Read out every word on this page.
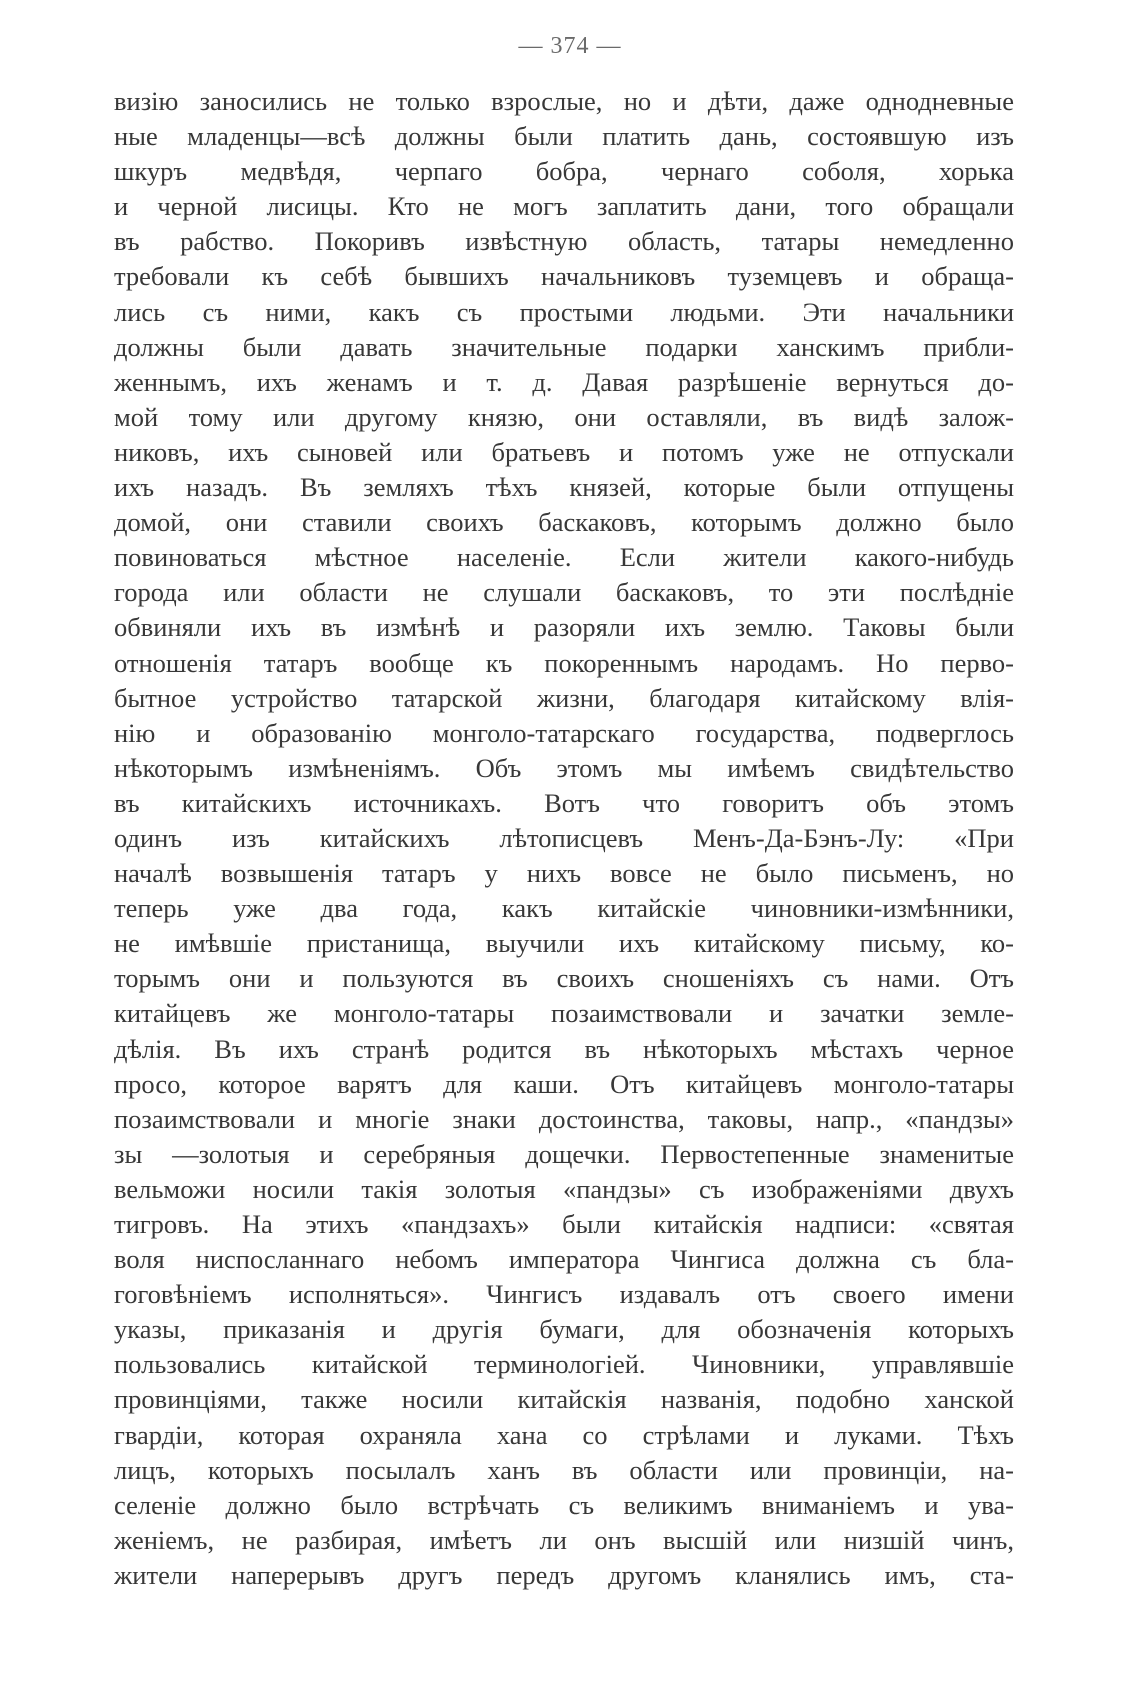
— 374 —
визію заносились не только взрослые, но и дѣти, даже однодневные
ные младенцы—всѣ должны были платить дань, состоявшую изъ
шкуръ медвѣдя, черпаго бобра, чернаго соболя, хорька
и черной лисицы. Кто не могъ заплатить дани, того обращали
въ рабство. Покоривъ извѣстную область, татары немедленно
требовали къ себѣ бывшихъ начальниковъ туземцевъ и обраща-
лись съ ними, какъ съ простыми людьми. Эти начальники
должны были давать значительные подарки ханскимъ прибли-
женнымъ, ихъ женамъ и т. д. Давая разрѣшеніе вернуться до-
мой тому или другому князю, они оставляли, въ видѣ залож-
никовъ, ихъ сыновей или братьевъ и потомъ уже не отпускали
ихъ назадъ. Въ земляхъ тѣхъ князей, которые были отпущены
домой, они ставили своихъ баскаковъ, которымъ должно было
повиноваться мѣстное населеніе. Если жители какого-нибудь
города или области не слушали баскаковъ, то эти послѣдніе
обвиняли ихъ въ измѣнѣ и разоряли ихъ землю. Таковы были
отношенія татаръ вообще къ покореннымъ народамъ. Но перво-
бытное устройство татарской жизни, благодаря китайскому влія-
нію и образованію монголо-татарскаго государства, подверглось
нѣкоторымъ измѣненіямъ. Объ этомъ мы имѣемъ свидѣтельство
въ китайскихъ источникахъ. Вотъ что говоритъ объ этомъ
одинъ изъ китайскихъ лѣтописцевъ Менъ-Да-Бэнъ-Лу: «При
началѣ возвышенія татаръ у нихъ вовсе не было письменъ, но
теперь уже два года, какъ китайскіе чиновники-измѣнники,
не имѣвшіе пристанища, выучили ихъ китайскому письму, ко-
торымъ они и пользуются въ своихъ сношеніяхъ съ нами. Отъ
китайцевъ же монголо-татары позаимствовали и зачатки земле-
дѣлія. Въ ихъ странѣ родится въ нѣкоторыхъ мѣстахъ черное
просо, которое варятъ для каши. Отъ китайцевъ монголо-татары
позаимствовали и многіе знаки достоинства, таковы, напр., «пандзы»
зы —золотыя и серебряныя дощечки. Первостепенные знаменитые
вельможи носили такія золотыя «пандзы» съ изображеніями двухъ
тигровъ. На этихъ «пандзахъ» были китайскія надписи: «святая
воля ниспосланнаго небомъ императора Чингиса должна съ бла-
гоговѣніемъ исполняться». Чингисъ издавалъ отъ своего имени
указы, приказанія и другія бумаги, для обозначенія которыхъ
пользовались китайской терминологіей. Чиновники, управлявшіе
провинціями, также носили китайскія названія, подобно ханской
гвардіи, которая охраняла хана со стрѣлами и луками. Тѣхъ
лицъ, которыхъ посылалъ ханъ въ области или провинціи, на-
селеніе должно было встрѣчать съ великимъ вниманіемъ и ува-
женіемъ, не разбирая, имѣетъ ли онъ высшій или низшій чинъ,
жители наперерывъ другъ передъ другомъ кланялись имъ, ста-
